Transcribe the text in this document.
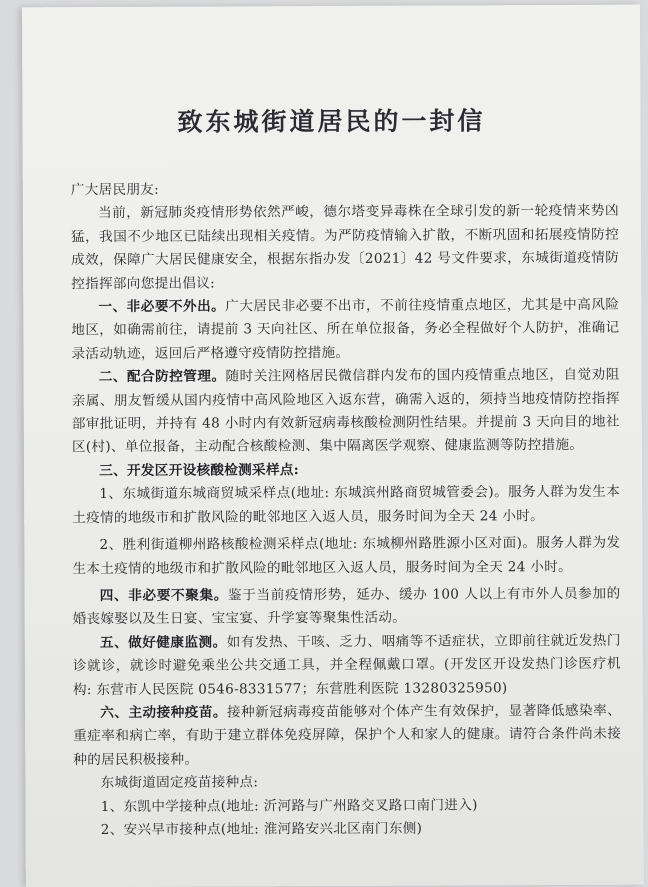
致东城街道居民的一封信

广大居民朋友:

当前，新冠肺炎疫情形势依然严峻，德尔塔变异毒株在全球引发的新一轮疫情来势凶猛，我国不少地区已陆续出现相关疫情。为严防疫情输入扩散，不断巩固和拓展疫情防控成效，保障广大居民健康安全，根据东指办发〔2021〕42 号文件要求，东城街道疫情防控指挥部向您提出倡议:

一、非必要不外出。广大居民非必要不出市，不前往疫情重点地区，尤其是中高风险地区，如确需前往，请提前 3 天向社区、所在单位报备，务必全程做好个人防护，准确记录活动轨迹，返回后严格遵守疫情防控措施。

二、配合防控管理。随时关注网格居民微信群内发布的国内疫情重点地区，自觉劝阻亲属、朋友暂缓从国内疫情中高风险地区入返东营，确需入返的，须持当地疫情防控指挥部审批证明，并持有 48 小时内有效新冠病毒核酸检测阴性结果。并提前 3 天向目的地社区(村)、单位报备，主动配合核酸检测、集中隔离医学观察、健康监测等防控措施。

三、开发区开设核酸检测采样点:

1、东城街道东城商贸城采样点(地址: 东城滨州路商贸城管委会)。服务人群为发生本土疫情的地级市和扩散风险的毗邻地区入返人员，服务时间为全天 24 小时。

2、胜利街道柳州路核酸检测采样点(地址: 东城柳州路胜源小区对面)。服务人群为发生本土疫情的地级市和扩散风险的毗邻地区入返人员，服务时间为全天 24 小时。

四、非必要不聚集。鉴于当前疫情形势，延办、缓办 100 人以上有市外人员参加的婚丧嫁娶以及生日宴、宝宝宴、升学宴等聚集性活动。

五、做好健康监测。如有发热、干咳、乏力、咽痛等不适症状，立即前往就近发热门诊就诊，就诊时避免乘坐公共交通工具，并全程佩戴口罩。(开发区开设发热门诊医疗机构: 东营市人民医院 0546-8331577；东营胜利医院 13280325950)

六、主动接种疫苗。接种新冠病毒疫苗能够对个体产生有效保护，显著降低感染率、重症率和病亡率，有助于建立群体免疫屏障，保护个人和家人的健康。请符合条件尚未接种的居民积极接种。

东城街道固定疫苗接种点:

1、东凯中学接种点(地址: 沂河路与广州路交叉路口南门进入)

2、安兴早市接种点(地址: 淮河路安兴北区南门东侧)
